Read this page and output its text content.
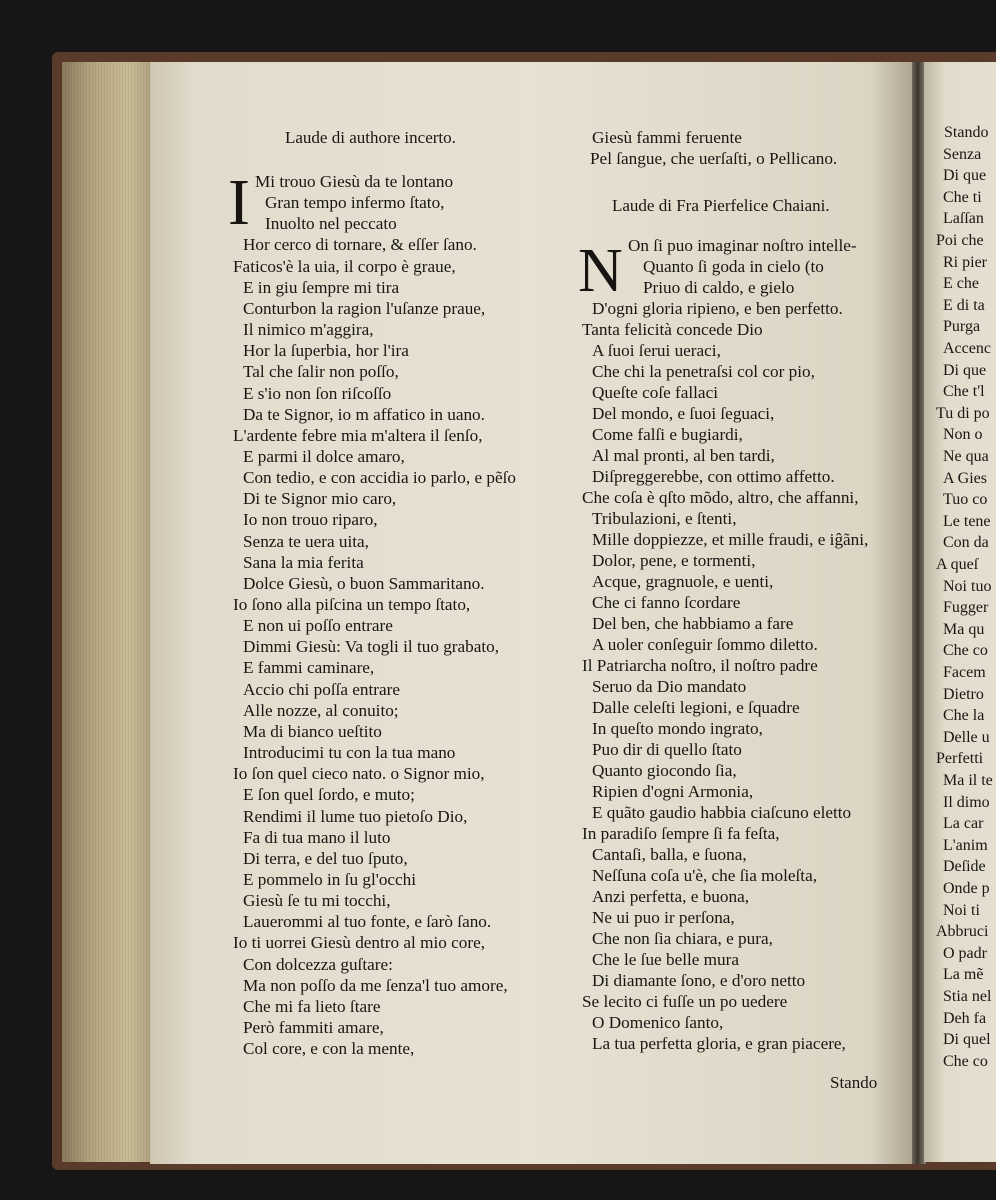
Stando
Senza
Di que
Che ti
Laſſan
Poi che
Ri pier
E che
E di ta
Purga
Accenc
Di que
Che t'l
Tu di po
Non o
Ne qua
A Gies
Tuo co
Le tene
Con da
A queſ
Noi tuo
Fugger
Ma qu
Che co
Facem
Dietro
Che la
Delle u
Perfetti
Ma il te
Il dimo
La car
L'anim
Deſide
Onde p
Noi ti
Abbruci
O padr
La mẽ
Stia nel
Deh fa
Di quel
Che co
Laude di authore incerto.
I Mi trouo Giesù da te lontano
Gran tempo infermo ſtato,
Inuolto nel peccato
Hor cerco di tornare, & eſſer ſano.
Faticos'è la uia, il corpo è graue,
E in giu ſempre mi tira
Conturbon la ragion l'uſanze praue,
Il nimico m'aggira,
Hor la ſuperbia, hor l'ira
Tal che ſalir non poſſo,
E s'io non ſon riſcoſſo
Da te Signor, io m affatico in uano.
L'ardente febre mia m'altera il ſenſo,
E parmi il dolce amaro,
Con tedio, e con accidia io parlo, e pẽſo
Di te Signor mio caro,
Io non trouo riparo,
Senza te uera uita,
Sana la mia ferita
Dolce Giesù, o buon Sammaritano.
Io ſono alla piſcina un tempo ſtato,
E non ui poſſo entrare
Dimmi Giesù: Va togli il tuo grabato,
E fammi caminare,
Accio chi poſſa entrare
Alle nozze, al conuito;
Ma di bianco ueſtito
Introducimi tu con la tua mano
Io ſon quel cieco nato. o Signor mio,
E ſon quel ſordo, e muto;
Rendimi il lume tuo pietoſo Dio,
Fa di tua mano il luto
Di terra, e del tuo ſputo,
E pommelo in ſu gl'occhi
Giesù ſe tu mi tocchi,
Lauerommi al tuo fonte, e ſarò ſano.
Io ti uorrei Giesù dentro al mio core,
Con dolcezza guſtare:
Ma non poſſo da me ſenza'l tuo amore,
Che mi fa lieto ſtare
Però fammiti amare,
Col core, e con la mente,
Laude di Fra Pierfelice Chaiani.
N
Stando
Giesù fammi feruente
Pel ſangue, che uerſaſti, o Pellicano.
On ſi puo imaginar noſtro intelle-
Quanto ſi goda in cielo (to
Priuo di caldo, e gielo
D'ogni gloria ripieno, e ben perfetto.
Tanta felicità concede Dio
A ſuoi ſerui ueraci,
Che chi la penetraſsi col cor pio,
Queſte coſe fallaci
Del mondo, e ſuoi ſeguaci,
Come falſi e bugiardi,
Al mal pronti, al ben tardi,
Diſpreggerebbe, con ottimo affetto.
Che coſa è qſto mõdo, altro, che affanni,
Tribulazioni, e ſtenti,
Mille doppiezze, et mille fraudi, e iĝãni,
Dolor, pene, e tormenti,
Acque, gragnuole, e uenti,
Che ci fanno ſcordare
Del ben, che habbiamo a fare
A uoler conſeguir ſommo diletto.
Il Patriarcha noſtro, il noſtro padre
Seruo da Dio mandato
Dalle celeſti legioni, e ſquadre
In queſto mondo ingrato,
Puo dir di quello ſtato
Quanto giocondo ſia,
Ripien d'ogni Armonia,
E quãto gaudio habbia ciaſcuno eletto
In paradiſo ſempre ſi fa feſta,
Cantaſi, balla, e ſuona,
Neſſuna coſa u'è, che ſia moleſta,
Anzi perfetta, e buona,
Ne ui puo ir perſona,
Che non ſia chiara, e pura,
Che le ſue belle mura
Di diamante ſono, e d'oro netto
Se lecito ci fuſſe un po uedere
O Domenico ſanto,
La tua perfetta gloria, e gran piacere,
